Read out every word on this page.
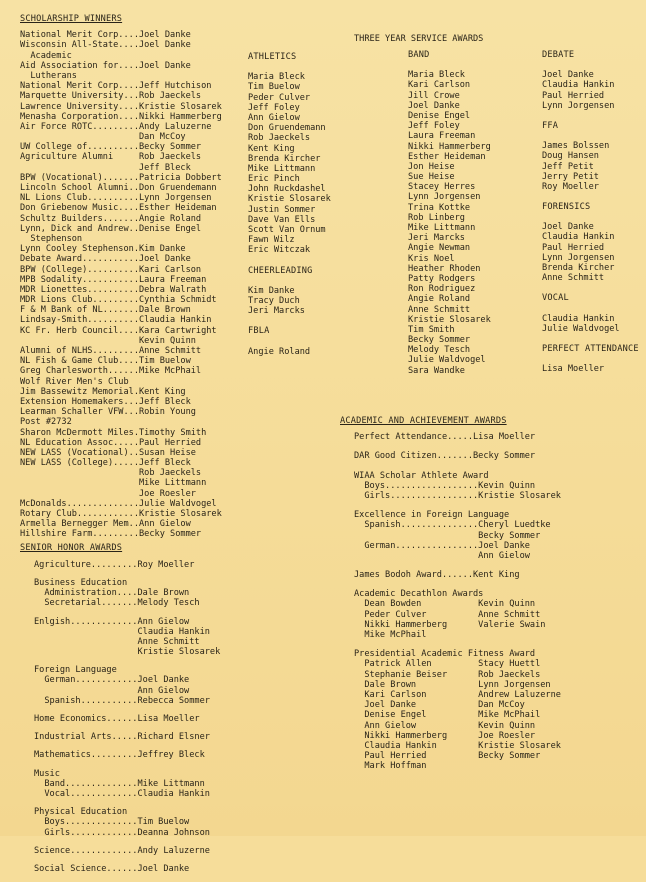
SCHOLARSHIP WINNERS
National Merit Corp....Joel Danke
Wisconsin All-State....Joel Danke
Academic
Aid Association for....Joel Danke
Lutherans
National Merit Corp....Jeff Hutchison
Marquette University...Rob Jaeckels
Lawrence University....Kristie Slosarek
Menasha Corporation....Nikki Hammerberg
Air Force ROTC.........Andy Laluzerne
Dan McCoy
UW College of..........Becky Sommer
Agriculture Alumni     Rob Jaeckels
Jeff Bleck
BPW (Vocational).......Patricia Dobbert
Lincoln School Alumni..Don Gruendemann
NL Lions Club..........Lynn Jorgensen
Don Griebenow Music....Esther Heideman
Schultz Builders.......Angie Roland
Lynn, Dick and Andrew..Denise Engel
Stephenson
Lynn Cooley Stephenson.Kim Danke
Debate Award...........Joel Danke
BPW (College)..........Kari Carlson
MPB Sodality...........Laura Freeman
MDR Lionettes..........Debra Walrath
MDR Lions Club.........Cynthia Schmidt
F & M Bank of NL.......Dale Brown
Lindsay-Smith..........Claudia Hankin
KC Fr. Herb Council....Kara Cartwright
Kevin Quinn
Alumni of NLHS.........Anne Schmitt
NL Fish & Game Club....Tim Buelow
Greg Charlesworth......Mike McPhail
Wolf River Men's Club
Jim Bassewitz Memorial.Kent King
Extension Homemakers...Jeff Bleck
Learman Schaller VFW...Robin Young
Post #2732
Sharon McDermott Miles.Timothy Smith
NL Education Assoc.....Paul Herried
NEW LASS (Vocational)..Susan Heise
NEW LASS (College).....Jeff Bleck
Rob Jaeckels
Mike Littmann
Joe Roesler
McDonalds..............Julie Waldvogel
Rotary Club............Kristie Slosarek
Armella Bernegger Mem..Ann Gielow
Hillshire Farm.........Becky Sommer
SENIOR HONOR AWARDS
Agriculture.........Roy Moeller
Business Education
Administration....Dale Brown
Secretarial.......Melody Tesch
Enlgish.............Ann Gielow
Claudia Hankin
Anne Schmitt
Kristie Slosarek
Foreign Language
German............Joel Danke
Ann Gielow
Spanish...........Rebecca Sommer
Home Economics......Lisa Moeller
Industrial Arts.....Richard Elsner
Mathematics.........Jeffrey Bleck
Music
Band..............Mike Littmann
Vocal.............Claudia Hankin
Physical Education
Boys..............Tim Buelow
Girls.............Deanna Johnson
Science.............Andy Laluzerne
Social Science......Joel Danke
ATHLETICS
Maria Bleck
Tim Buelow
Peder Culver
Jeff Foley
Ann Gielow
Don Gruendemann
Rob Jaeckels
Kent King
Brenda Kircher
Mike Littmann
Eric Pinch
John Ruckdashel
Kristie Slosarek
Justin Sommer
Dave Van Ells
Scott Van Ornum
Fawn Wilz
Eric Witczak
CHEERLEADING
Kim Danke
Tracy Duch
Jeri Marcks
FBLA
Angie Roland
THREE YEAR SERVICE AWARDS
BAND
Maria Bleck
Kari Carlson
Jill Crowe
Joel Danke
Denise Engel
Jeff Foley
Laura Freeman
Nikki Hammerberg
Esther Heideman
Jon Heise
Sue Heise
Stacey Herres
Lynn Jorgensen
Trina Kottke
Rob Linberg
Mike Littmann
Jeri Marcks
Angie Newman
Kris Noel
Heather Rhoden
Patty Rodgers
Ron Rodriguez
Angie Roland
Anne Schmitt
Kristie Slosarek
Tim Smith
Becky Sommer
Melody Tesch
Julie Waldvogel
Sara Wandke
DEBATE
Joel Danke
Claudia Hankin
Paul Herried
Lynn Jorgensen
FFA
James Bolssen
Doug Hansen
Jeff Petit
Jerry Petit
Roy Moeller
FORENSICS
Joel Danke
Claudia Hankin
Paul Herried
Lynn Jorgensen
Brenda Kircher
Anne Schmitt
VOCAL
Claudia Hankin
Julie Waldvogel
PERFECT ATTENDANCE
Lisa Moeller
ACADEMIC AND ACHIEVEMENT AWARDS
Perfect Attendance.....Lisa Moeller
DAR Good Citizen.......Becky Sommer
WIAA Scholar Athlete Award
Boys..................Kevin Quinn
Girls.................Kristie Slosarek
Excellence in Foreign Language
Spanish...............Cheryl Luedtke
Becky Sommer
German................Joel Danke
Ann Gielow
James Bodoh Award......Kent King
Academic Decathlon Awards
Dean Bowden           Kevin Quinn
Peder Culver          Anne Schmitt
Nikki Hammerberg      Valerie Swain
Mike McPhail
Presidential Academic Fitness Award
Patrick Allen         Stacy Huettl
Stephanie Beiser      Rob Jaeckels
Dale Brown            Lynn Jorgensen
Kari Carlson          Andrew Laluzerne
Joel Danke            Dan McCoy
Denise Engel          Mike McPhail
Ann Gielow            Kevin Quinn
Nikki Hammerberg      Joe Roesler
Claudia Hankin        Kristie Slosarek
Paul Herried          Becky Sommer
Mark Hoffman
